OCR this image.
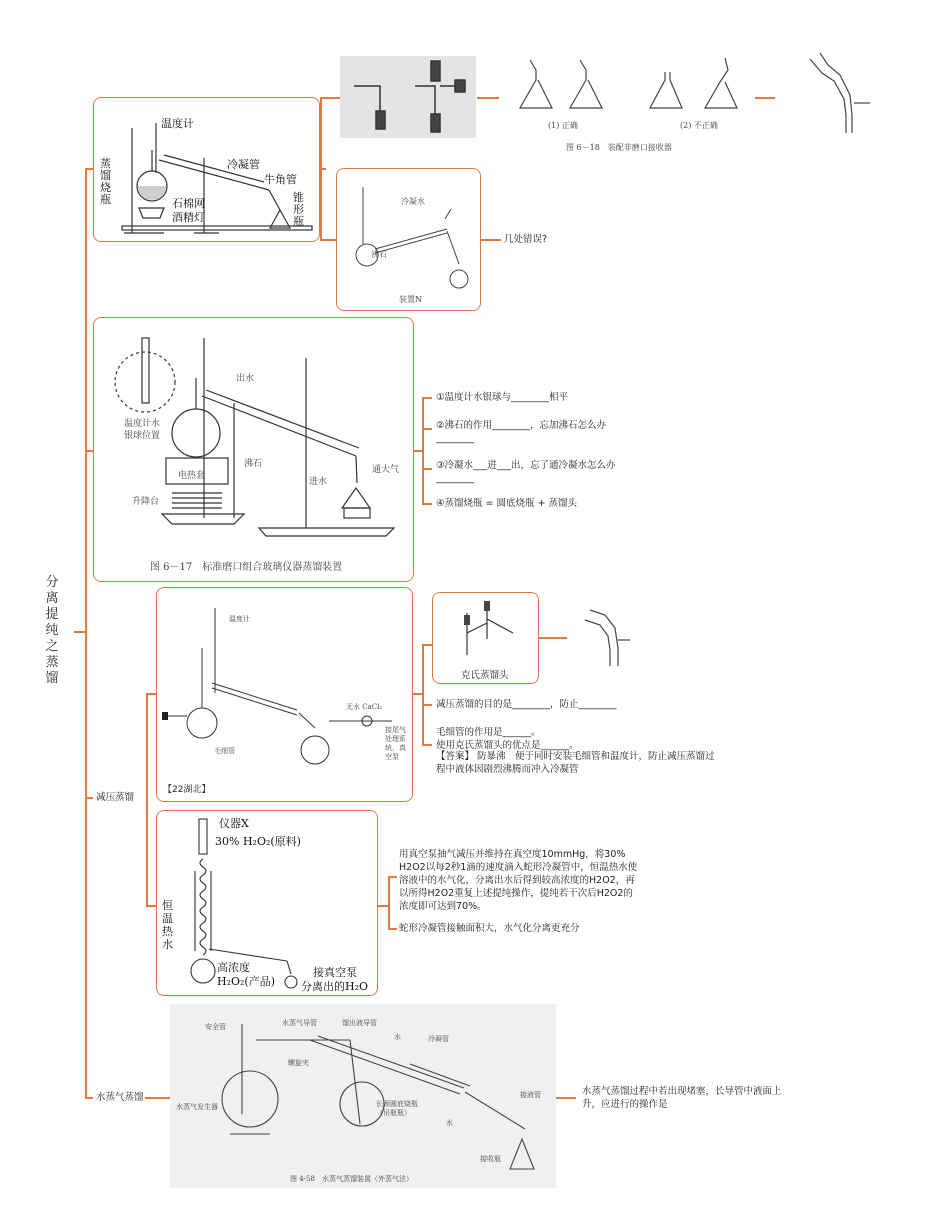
分离提纯之蒸馏
温度计
蒸馏烧瓶
冷凝管
牛角管
石棉网
酒精灯
锥形瓶
(1) 正确	(2) 不正确
图 6－18　装配非磨口接收器
冷凝水
沸石
装置N
几处错误?
温度计水银球位置
出水
沸石
电热套
升降台
进水
通大气
图 6－17　标准磨口组合玻璃仪器蒸馏装置
①温度计水银球与________相平
②沸石的作用________，忘加沸石怎么办________
③冷凝水___进___出，忘了通冷凝水怎么办________
④蒸馏烧瓶 = 圆底烧瓶 + 蒸馏头
温度计
毛细管
无水 CaCl₂
接尾气处理系统，真空泵
【22湖北】
克氏蒸馏头
减压蒸馏的目的是________，防止________
毛细管的作用是______。
使用克氏蒸馏头的优点是______。
【答案】 防暴沸　便于同时安装毛细管和温度计，防止减压蒸馏过程中液体因剧烈沸腾而冲入冷凝管
仪器X
30% H₂O₂(原料)
恒温热水
高浓度H₂O₂(产品)
接真空泵
分离出的H₂O
用真空泵抽气减压并维持在真空度10mmHg，将30% H2O2以每2秒1滴的速度滴入蛇形冷凝管中，恒温热水使溶液中的水气化，分离出水后得到较高浓度的H2O2，再以所得H2O2重复上述提纯操作，提纯若干次后H2O2的浓度即可达到70%。
蛇形冷凝管接触面积大，水气化分离更充分
安全管	水蒸气导管	馏出液导管
水	冷凝管
螺旋夹
水蒸气发生器	长颈圆底烧瓶（吊瓶瓶）
接液管
水
接收瓶
图 4-58　水蒸气蒸馏装置（外蒸气法）
减压蒸馏
水蒸气蒸馏
水蒸气蒸馏过程中若出现堵塞，长导管中液面上升，应进行的操作是
